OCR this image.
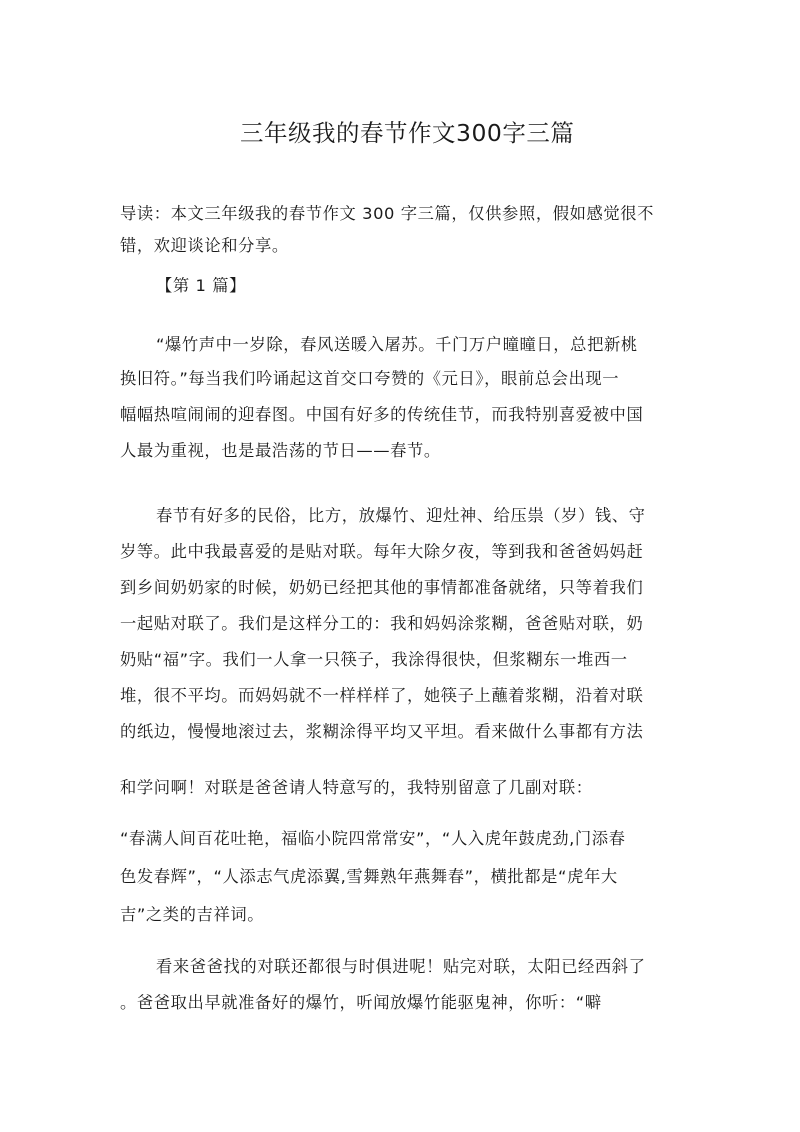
三年级我的春节作文300字三篇
导读：本文三年级我的春节作文 300 字三篇，仅供参照，假如感觉很不
错，欢迎谈论和分享。
【第 1 篇】
“爆竹声中一岁除，春风送暖入屠苏。千门万户曈曈日，总把新桃
换旧符。”每当我们吟诵起这首交口夸赞的《元日》，眼前总会出现一
幅幅热喧闹闹的迎春图。中国有好多的传统佳节，而我特别喜爱被中国
人最为重视，也是最浩荡的节日——春节。
春节有好多的民俗，比方，放爆竹、迎灶神、给压祟（岁）钱、守
岁等。此中我最喜爱的是贴对联。每年大除夕夜，等到我和爸爸妈妈赶
到乡间奶奶家的时候，奶奶已经把其他的事情都准备就绪，只等着我们
一起贴对联了。我们是这样分工的：我和妈妈涂浆糊，爸爸贴对联，奶
奶贴“福”字。我们一人拿一只筷子，我涂得很快，但浆糊东一堆西一
堆，很不平均。而妈妈就不一样样样了，她筷子上蘸着浆糊，沿着对联
的纸边，慢慢地滚过去，浆糊涂得平均又平坦。看来做什么事都有方法
和学问啊！对联是爸爸请人特意写的，我特别留意了几副对联：
“春满人间百花吐艳，福临小院四常常安”，“人入虎年鼓虎劲,门添春
色发春辉”，“人添志气虎添翼,雪舞熟年燕舞春”，横批都是“虎年大
吉”之类的吉祥词。
看来爸爸找的对联还都很与时俱进呢！贴完对联，太阳已经西斜了
。爸爸取出早就准备好的爆竹，听闻放爆竹能驱鬼神，你听：“噼
